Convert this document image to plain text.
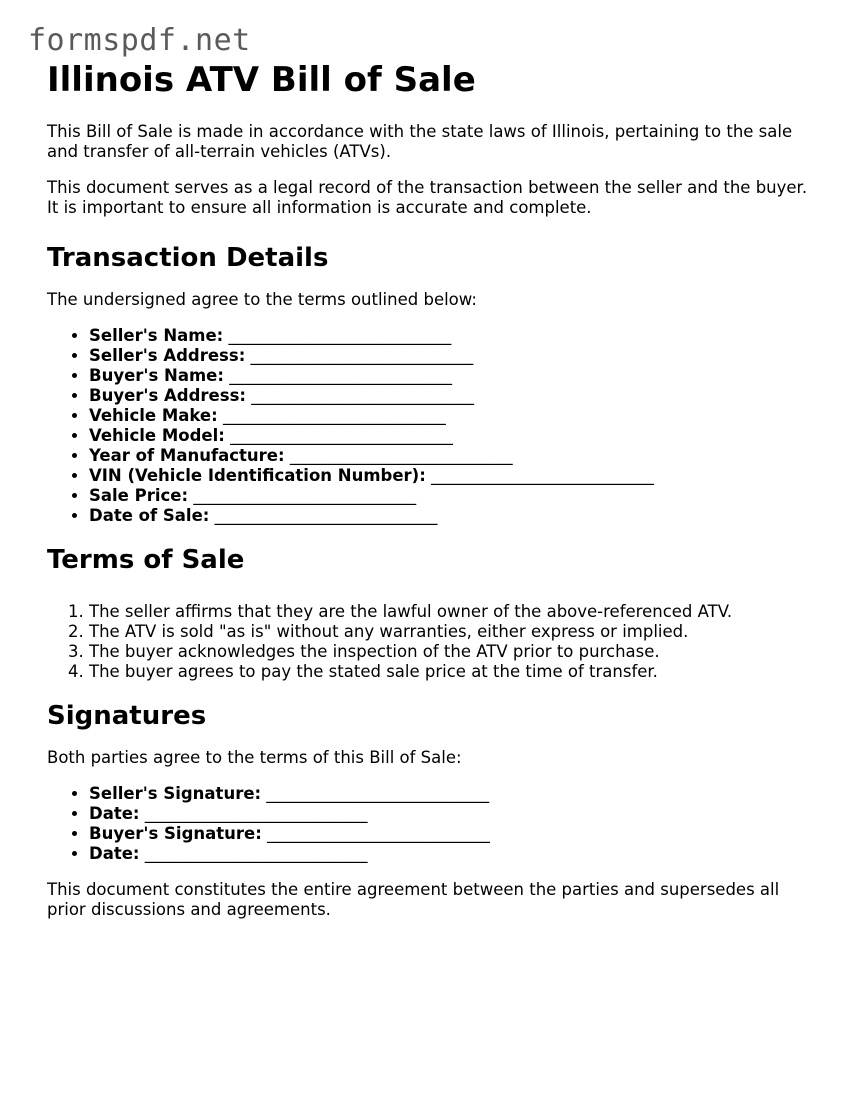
formspdf.net
Illinois ATV Bill of Sale

This Bill of Sale is made in accordance with the state laws of Illinois, pertaining to the sale and transfer of all-terrain vehicles (ATVs).

This document serves as a legal record of the transaction between the seller and the buyer. It is important to ensure all information is accurate and complete.

Transaction Details

The undersigned agree to the terms outlined below:

• Seller's Name: ___________________________
• Seller's Address: ___________________________
• Buyer's Name: ___________________________
• Buyer's Address: ___________________________
• Vehicle Make: ___________________________
• Vehicle Model: ___________________________
• Year of Manufacture: ___________________________
• VIN (Vehicle Identification Number): ___________________________
• Sale Price: ___________________________
• Date of Sale: ___________________________
Terms of Sale
1. The seller affirms that they are the lawful owner of the above-referenced ATV.
2. The ATV is sold "as is" without any warranties, either express or implied.
3. The buyer acknowledges the inspection of the ATV prior to purchase.
4. The buyer agrees to pay the stated sale price at the time of transfer.
Signatures

Both parties agree to the terms of this Bill of Sale:

• Seller's Signature: ___________________________
• Date: ___________________________
• Buyer's Signature: ___________________________
• Date: ___________________________

This document constitutes the entire agreement between the parties and supersedes all prior discussions and agreements.
